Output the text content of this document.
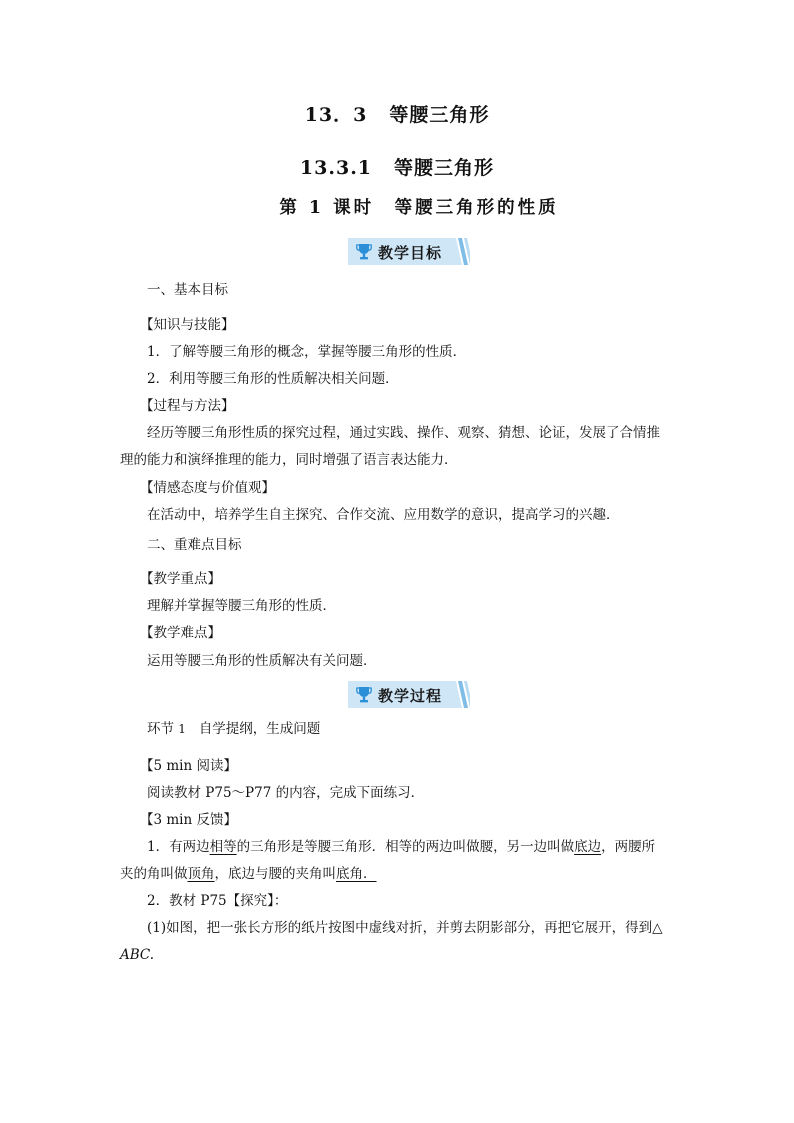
13．3 等腰三角形
13.3.1 等腰三角形
第 1 课时　等腰三角形的性质
教学目标
一、基本目标
【知识与技能】
1．了解等腰三角形的概念，掌握等腰三角形的性质．
2．利用等腰三角形的性质解决相关问题．
【过程与方法】
经历等腰三角形性质的探究过程，通过实践、操作、观察、猜想、论证，发展了合情推
理的能力和演绎推理的能力，同时增强了语言表达能力．
【情感态度与价值观】
在活动中，培养学生自主探究、合作交流、应用数学的意识，提高学习的兴趣．
二、重难点目标
【教学重点】
理解并掌握等腰三角形的性质．
【教学难点】
运用等腰三角形的性质解决有关问题．
教学过程
环节 1 自学提纲，生成问题
【5 min 阅读】
阅读教材 P75～P77 的内容，完成下面练习．
【3 min 反馈】
1．有两边相等的三角形是等腰三角形．相等的两边叫做腰，另一边叫做底边，两腰所
夹的角叫做顶角，底边与腰的夹角叫底角．
2．教材 P75【探究】：
(1)如图，把一张长方形的纸片按图中虚线对折，并剪去阴影部分，再把它展开，得到△
ABC.
